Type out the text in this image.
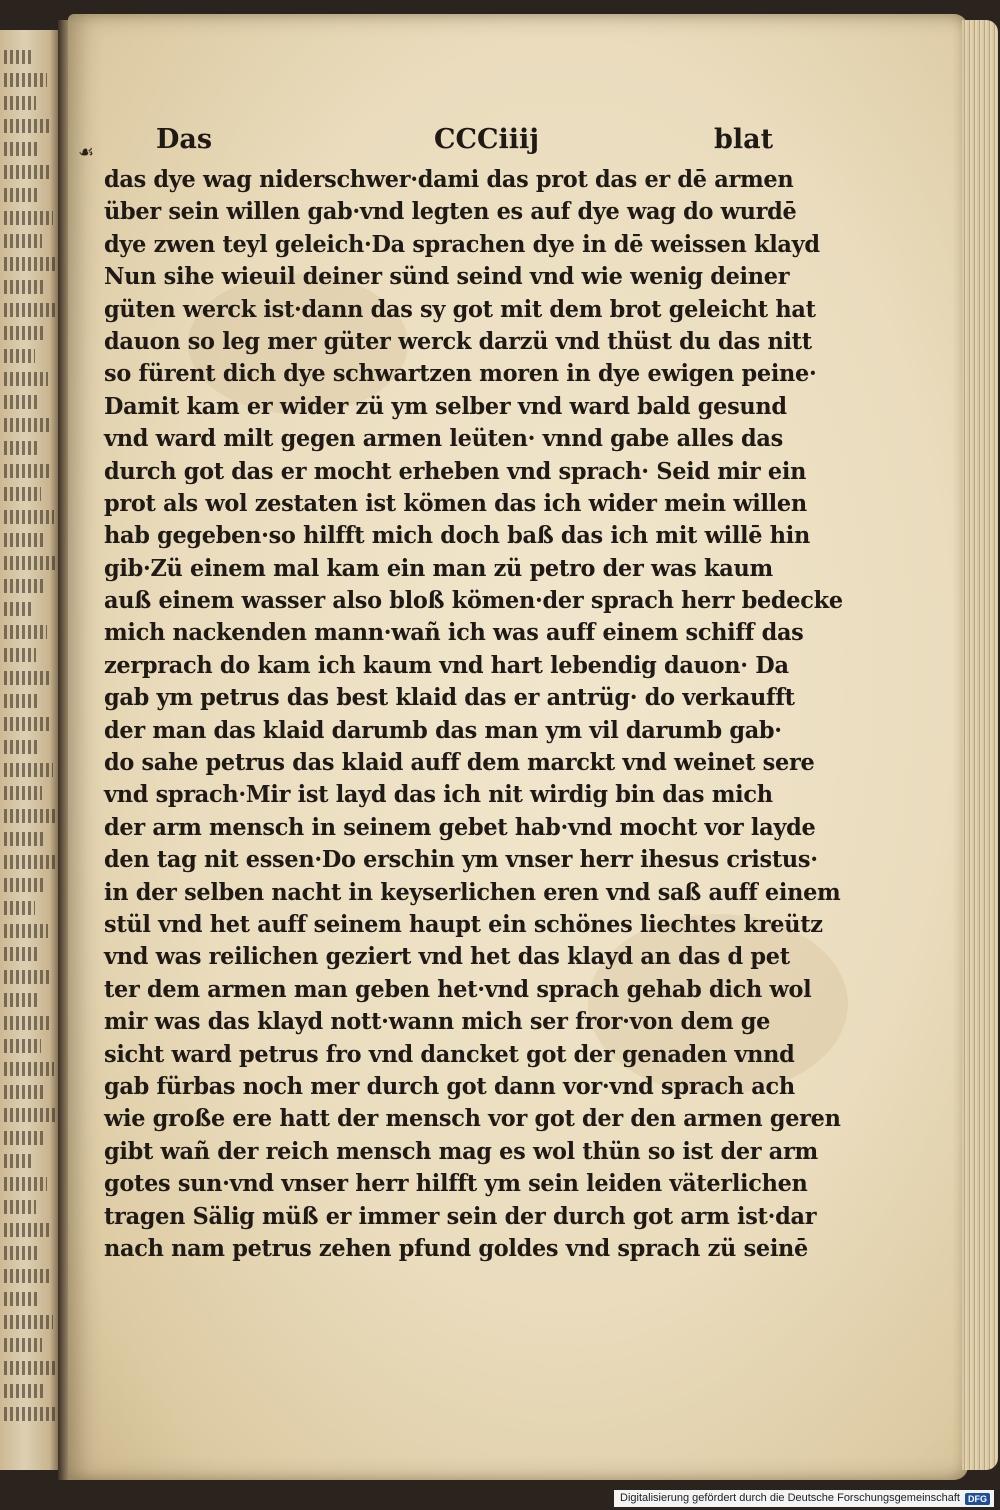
☙ Das	CCCiiij	blat
das dye wag niderschwer·dami das prot das er dē armen
über sein willen gab·vnd legten es auf dye wag do wurdē
dye zwen teyl geleich·Da sprachen dye in dē weissen klayd
Nun sihe wieuil deiner sünd seind vnd wie wenig deiner
güten werck ist·dann das sy got mit dem brot geleicht hat
dauon so leg mer güter werck darzü vnd thüst du das nitt
so fürent dich dye schwartzen moren in dye ewigen peine·
Damit kam er wider zü ym selber vnd ward bald gesund
vnd ward milt gegen armen leüten· vnnd gabe alles das
durch got das er mocht erheben vnd sprach· Seid mir ein
prot als wol zestaten ist kömen das ich wider mein willen
hab gegeben·so hilfft mich doch baß das ich mit willē hin
gib·Zü einem mal kam ein man zü petro der was kaum
auß einem wasser also bloß kömen·der sprach herr bedecke
mich nackenden mann·wañ ich was auff einem schiff das
zerprach do kam ich kaum vnd hart lebendig dauon· Da
gab ym petrus das best klaid das er antrüg· do verkaufft
der man das klaid darumb das man ym vil darumb gab·
do sahe petrus das klaid auff dem marckt vnd weinet sere
vnd sprach·Mir ist layd das ich nit wirdig bin das mich
der arm mensch in seinem gebet hab·vnd mocht vor layde
den tag nit essen·Do erschin ym vnser herr ihesus cristus·
in der selben nacht in keyserlichen eren vnd saß auff einem
stül vnd het auff seinem haupt ein schönes liechtes kreütz
vnd was reilichen geziert vnd het das klayd an das d pet
ter dem armen man geben het·vnd sprach gehab dich wol
mir was das klayd nott·wann mich ser fror·von dem ge
sicht ward petrus fro vnd dancket got der genaden vnnd
gab fürbas noch mer durch got dann vor·vnd sprach ach
wie große ere hatt der mensch vor got der den armen geren
gibt wañ der reich mensch mag es wol thün so ist der arm
gotes sun·vnd vnser herr hilfft ym sein leiden väterlichen
tragen Sälig müß er immer sein der durch got arm ist·dar
nach nam petrus zehen pfund goldes vnd sprach zü seinē
Digitalisierung gefördert durch die Deutsche Forschungsgemeinschaft DFG
